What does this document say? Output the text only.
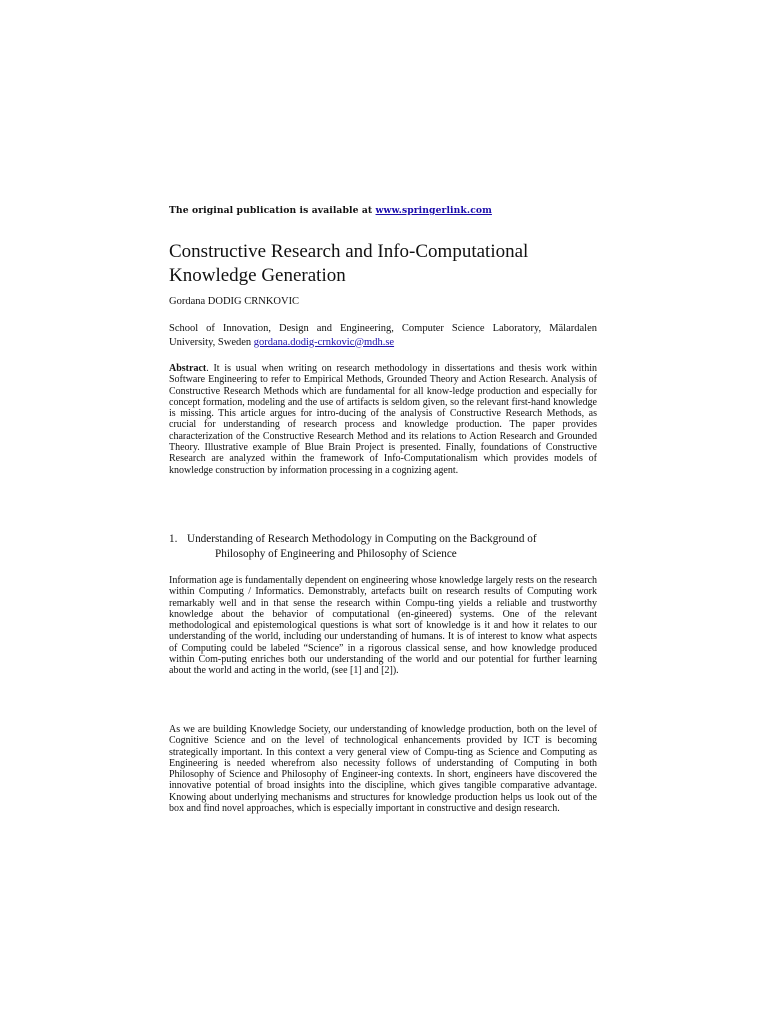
The original publication is available at www.springerlink.com
Constructive Research and Info-Computational Knowledge Generation
Gordana DODIG CRNKOVIC
School of Innovation, Design and Engineering, Computer Science Laboratory, Mälardalen University, Sweden gordana.dodig-crnkovic@mdh.se
Abstract. It is usual when writing on research methodology in dissertations and thesis work within Software Engineering to refer to Empirical Methods, Grounded Theory and Action Research. Analysis of Constructive Research Methods which are fundamental for all know-ledge production and especially for concept formation, modeling and the use of artifacts is seldom given, so the relevant first-hand knowledge is missing. This article argues for intro-ducing of the analysis of Constructive Research Methods, as crucial for understanding of research process and knowledge production. The paper provides characterization of the Constructive Research Method and its relations to Action Research and Grounded Theory. Illustrative example of Blue Brain Project is presented. Finally, foundations of Constructive Research are analyzed within the framework of Info-Computationalism which provides models of knowledge construction by information processing in a cognizing agent.
1. Understanding of Research Methodology in Computing on the Background of
Philosophy of Engineering and Philosophy of Science

Information age is fundamentally dependent on engineering whose knowledge largely rests on the research within Computing / Informatics. Demonstrably, artefacts built on research results of Computing work remarkably well and in that sense the research within Compu-ting yields a reliable and trustworthy knowledge about the behavior of computational (en-gineered) systems. One of the relevant methodological and epistemological questions is what sort of knowledge is it and how it relates to our understanding of the world, including our understanding of humans. It is of interest to know what aspects of Computing could be labeled “Science” in a rigorous classical sense, and how knowledge produced within Com-puting enriches both our understanding of the world and our potential for further learning about the world and acting in the world, (see [1] and [2]).

As we are building Knowledge Society, our understanding of knowledge production, both on the level of Cognitive Science and on the level of technological enhancements provided by ICT is becoming strategically important. In this context a very general view of Compu-ting as Science and Computing as Engineering is needed wherefrom also necessity follows of understanding of Computing in both Philosophy of Science and Philosophy of Engineer-ing contexts. In short, engineers have discovered the innovative potential of broad insights into the discipline, which gives tangible comparative advantage. Knowing about underlying mechanisms and structures for knowledge production helps us look out of the box and find novel approaches, which is especially important in constructive and design research.
